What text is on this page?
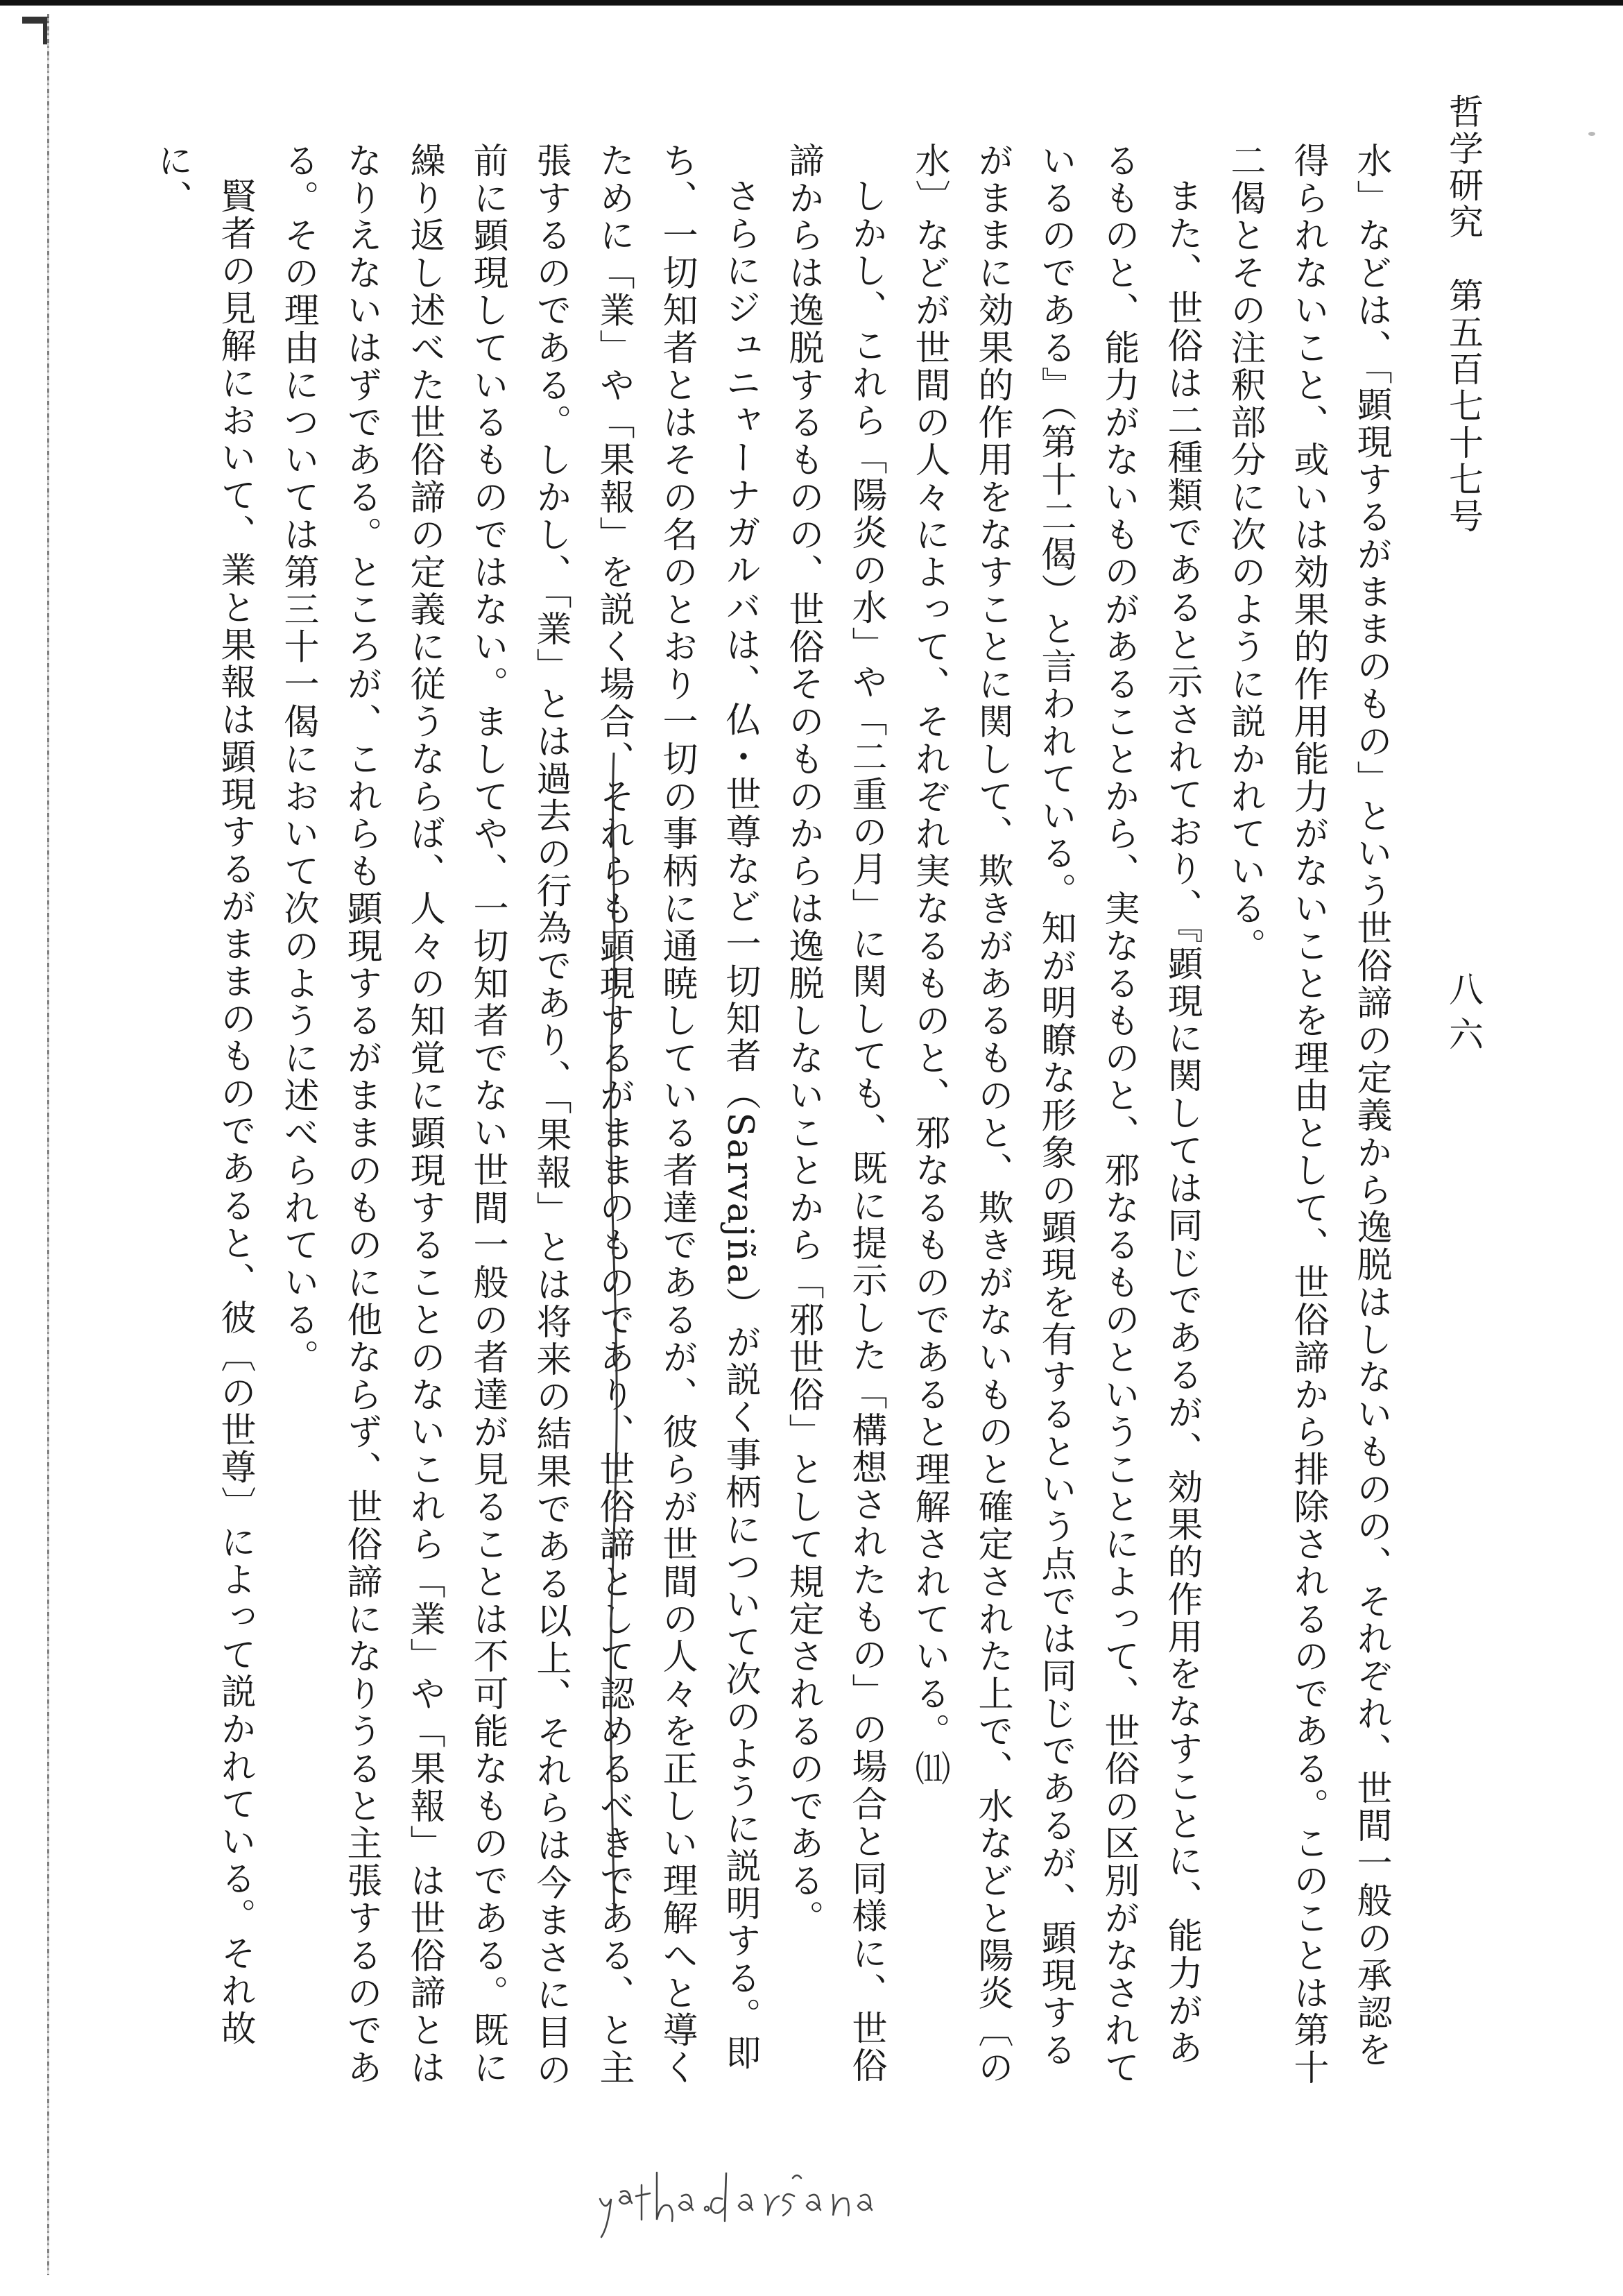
哲学研究　第五百七十七号
八六

水」などは、「顕現するがままのもの」という世俗諦の定義から逸脱はしないものの、それぞれ、世間一般の承認を得られないこと、或いは効果的作用能力がないことを理由として、世俗諦から排除されるのである。このことは第十二偈とその注釈部分に次のように説かれている。

また、世俗は二種類であると示されており、『顕現に関しては同じであるが、効果的作用をなすことに、能力があるものと、能力がないものがあることから、実なるものと、邪なるものということによって、世俗の区別がなされているのである』（第十二偈）と言われている。知が明瞭な形象の顕現を有するという点では同じであるが、顕現するがままに効果的作用をなすことに関して、欺きがあるものと、欺きがないものと確定された上で、水などと陽炎〔の水〕などが世間の人々によって、それぞれ実なるものと、邪なるものであると理解されている。⑾

しかし、これら「陽炎の水」や「二重の月」に関しても、既に提示した「構想されたもの」の場合と同様に、世俗諦からは逸脱するものの、世俗そのものからは逸脱しないことから「邪世俗」として規定されるのである。

さらにジュニャーナガルバは、仏・世尊など一切知者（Sarvajña）が説く事柄について次のように説明する。即ち、一切知者とはその名のとおり一切の事柄に通暁している者達であるが、彼らが世間の人々を正しい理解へと導くために「業」や「果報」を説く場合、それらも顕現するがままのものであり、世俗諦として認めるべきである、と主張するのである。しかし、「業」とは過去の行為であり、「果報」とは将来の結果である以上、それらは今まさに目の前に顕現しているものではない。ましてや、一切知者でない世間一般の者達が見ることは不可能なものである。既に繰り返し述べた世俗諦の定義に従うならば、人々の知覚に顕現することのないこれら「業」や「果報」は世俗諦とはなりえないはずである。ところが、これらも顕現するがままのものに他ならず、世俗諦になりうると主張するのである。その理由については第三十一偈において次のように述べられている。

賢者の見解において、業と果報は顕現するがままのものであると、彼〔の世尊〕によって説かれている。それ故に、
